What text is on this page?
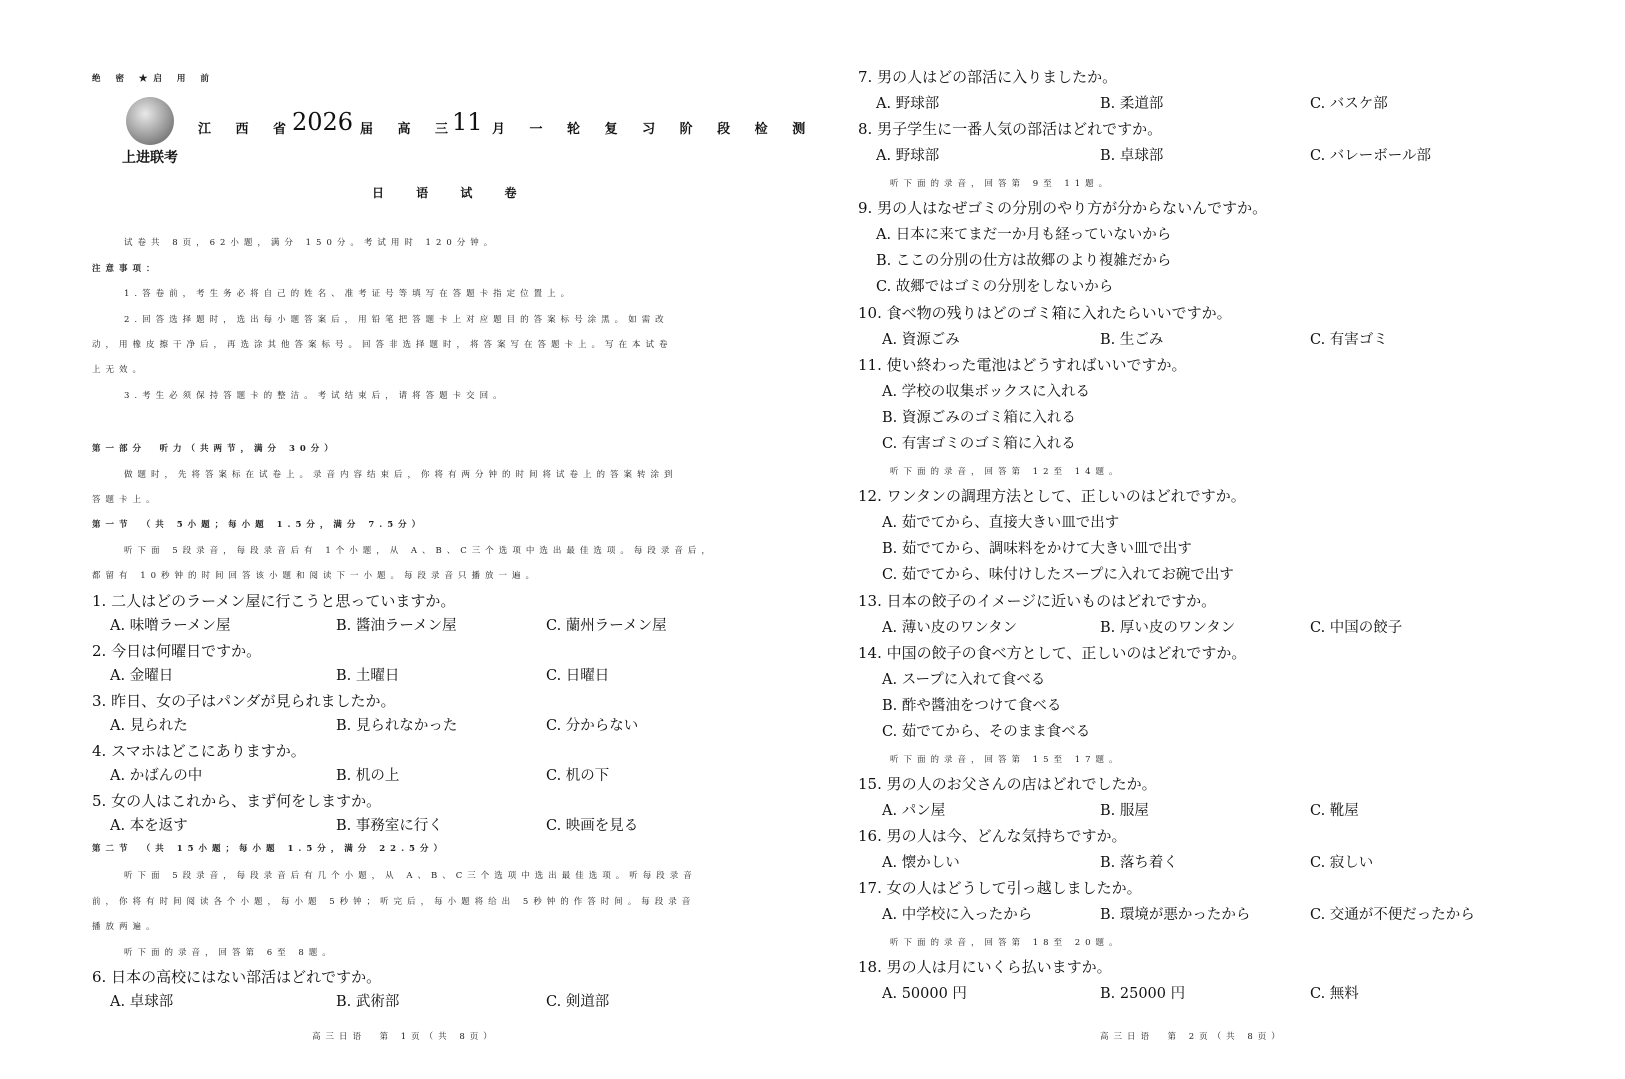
绝 密 ★启 用 前
上进联考
江 西 省
2026 届 高 三
11 月 一 轮 复 习 阶 段 检 测
日 语 试 卷
试卷共 8页，62小题，满分 150分。考试用时 120分钟。
注意事项：
1.答卷前，考生务必将自己的姓名、准考证号等填写在答题卡指定位置上。
2.回答选择题时，选出每小题答案后，用铅笔把答题卡上对应题目的答案标号涂黑。如需改
动，用橡皮擦干净后，再选涂其他答案标号。回答非选择题时，将答案写在答题卡上。写在本试卷
上无效。
3.考生必须保持答题卡的整洁。考试结束后，请将答题卡交回。
第一部分　听力（共两节，满分 30分）
做题时，先将答案标在试卷上。录音内容结束后，你将有两分钟的时间将试卷上的答案转涂到
答题卡上。
第一节　（共 5小题；每小题 1.5分，满分 7.5分）
听下面 5段录音，每段录音后有 1个小题，从 A、B、C三个选项中选出最佳选项。每段录音后，
都留有 10秒钟的时间回答该小题和阅读下一小题。每段录音只播放一遍。
1. 二人はどのラーメン屋に行こうと思っていますか。
A. 味噌ラーメン屋	B. 醬油ラーメン屋	C. 蘭州ラーメン屋
2. 今日は何曜日ですか。
A. 金曜日	B. 土曜日	C. 日曜日
3. 昨日、女の子はパンダが見られましたか。
A. 見られた	B. 見られなかった	C. 分からない
4. スマホはどこにありますか。
A. かばんの中	B. 机の上	C. 机の下
5. 女の人はこれから、まず何をしますか。
A. 本を返す	B. 事務室に行く	C. 映画を見る
第二节　（共 15小题；每小题 1.5分，满分 22.5分）
听下面 5段录音，每段录音后有几个小题，从 A、B、C三个选项中选出最佳选项。听每段录音
前，你将有时间阅读各个小题，每小题 5秒钟；听完后，每小题将给出 5秒钟的作答时间。每段录音
播放两遍。
听下面的录音，回答第 6至 8题。
6. 日本の高校にはない部活はどれですか。
A. 卓球部	B. 武術部	C. 剣道部
高三日语　第 1页（共 8页）
7. 男の人はどの部活に入りましたか。
A. 野球部	B. 柔道部	C. バスケ部
8. 男子学生に一番人気の部活はどれですか。
A. 野球部	B. 卓球部	C. バレーボール部
听下面的录音，回答第 9至 11题。
9. 男の人はなぜゴミの分別のやり方が分からないんですか。
A. 日本に来てまだ一か月も経っていないから
B. ここの分別の仕方は故郷のより複雑だから
C. 故郷ではゴミの分別をしないから
10. 食べ物の残りはどのゴミ箱に入れたらいいですか。
A. 資源ごみ	B. 生ごみ	C. 有害ゴミ
11. 使い終わった電池はどうすればいいですか。
A. 学校の収集ボックスに入れる
B. 資源ごみのゴミ箱に入れる
C. 有害ゴミのゴミ箱に入れる
听下面的录音，回答第 12至 14题。
12. ワンタンの調理方法として、正しいのはどれですか。
A. 茹でてから、直接大きい皿で出す
B. 茹でてから、調味料をかけて大きい皿で出す
C. 茹でてから、味付けしたスープに入れてお碗で出す
13. 日本の餃子のイメージに近いものはどれですか。
A. 薄い皮のワンタン	B. 厚い皮のワンタン	C. 中国の餃子
14. 中国の餃子の食べ方として、正しいのはどれですか。
A. スープに入れて食べる
B. 酢や醬油をつけて食べる
C. 茹でてから、そのまま食べる
听下面的录音，回答第 15至 17题。
15. 男の人のお父さんの店はどれでしたか。
A. パン屋	B. 服屋	C. 靴屋
16. 男の人は今、どんな気持ちですか。
A. 懐かしい	B. 落ち着く	C. 寂しい
17. 女の人はどうして引っ越しましたか。
A. 中学校に入ったから	B. 環境が悪かったから	C. 交通が不便だったから
听下面的录音，回答第 18至 20题。
18. 男の人は月にいくら払いますか。
A. 50000 円	B. 25000 円	C. 無料
高三日语　第 2页（共 8页）
